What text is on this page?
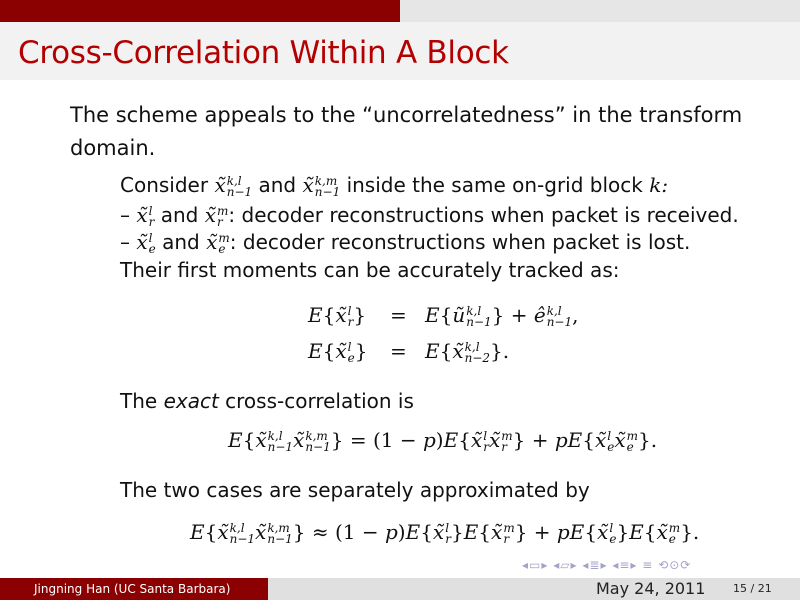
Cross-Correlation Within A Block
The scheme appeals to the “uncorrelatedness” in the transform
domain.
Consider x̃ k,l
n−1 and x̃ k,m
n−1 inside the same on-grid block k:
– x̃ l
r and x̃ m
r : decoder reconstructions when packet is received.
– x̃ l
e and x̃ m
e : decoder reconstructions when packet is lost.
Their first moments can be accurately tracked as:
E{x̃ l
r } = E{ũ k,l
n−1 } + ê k,l
n−1 ,
E{x̃ l
e } = E{x̃ k,l
n−2 }.
The exact cross-correlation is
E{x̃ k,l
n−1 x̃ k,m
n−1 } = (1 − p)E{x̃ l
r x̃ m
r } + pE{x̃ l
e x̃ m
e }.
The two cases are separately approximated by
E{x̃ k,l
n−1 x̃ k,m
n−1 } ≈ (1 − p)E{x̃ l
r }E{x̃ m
r } + pE{x̃ l
e }E{x̃ m
e }.
◂▭▸ ◂▱▸ ◂≣▸ ◂≡▸ ≡ ⟲⊙⟳
Jingning Han (UC Santa Barbara)	May 24, 2011	15 / 21
